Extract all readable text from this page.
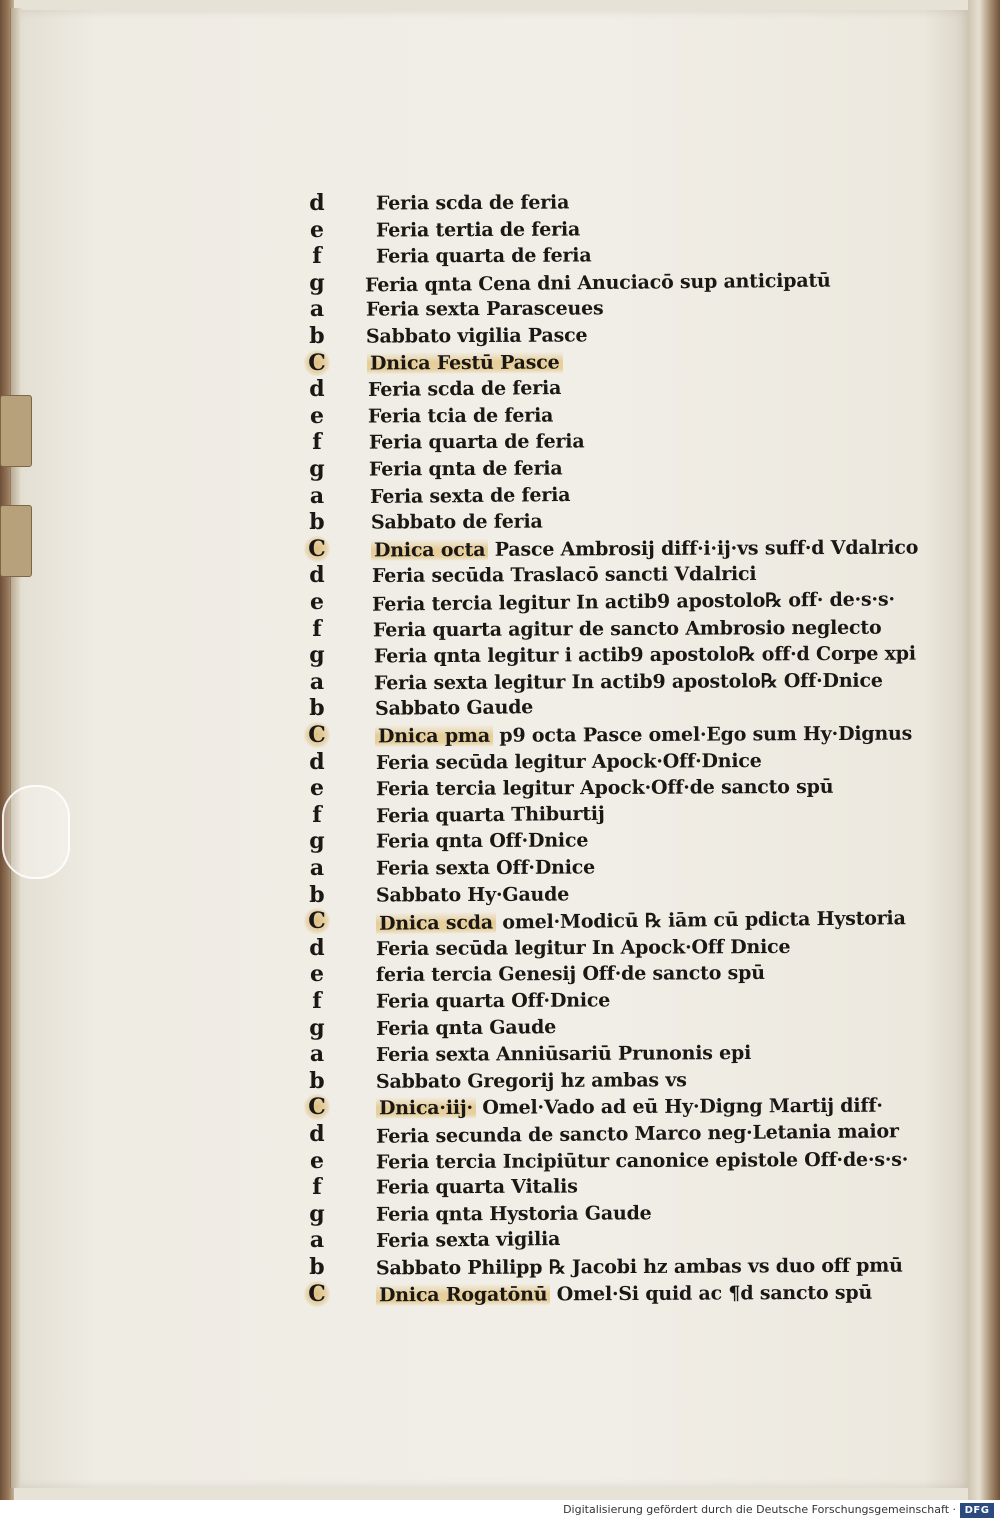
d	Feria scda de feria
e	Feria tertia de feria
f	Feria quarta de feria
g Feria qnta Cena dni Anuciacō sup anticipatū
a	Feria sexta Parasceues
b Sabbato vigilia Pasce
C Dnica Festū Pasce
d Feria scda de feria
e	Feria tcia de feria
f	Feria quarta de feria
g Feria qnta de feria
a	Feria sexta de feria
b Sabbato de feria
C	Dnica octa Pasce Ambrosij diff·i·ij·vs suff·d Vdalrico
d Feria secūda Traslacō sancti Vdalrici
e	Feria tercia legitur In actib9 apostolo℞ off· de·s·s·
f	Feria quarta agitur de sancto Ambrosio neglecto
g	Feria qnta legitur i actib9 apostolo℞ off·d Corpe xpi
a	Feria sexta legitur In actib9 apostolo℞ Off·Dnice
b	Sabbato Gaude
C	Dnica pma p9 octa Pasce omel·Ego sum Hy·Dignus
d	Feria secūda legitur Apock·Off·Dnice
e	Feria tercia legitur Apock·Off·de sancto spū
f	Feria quarta Thiburtij
g	Feria qnta Off·Dnice
a	Feria sexta Off·Dnice
b	Sabbato Hy·Gaude
C	Dnica scda omel·Modicū ℞ iām cū pdicta Hystoria
d	Feria secūda legitur In Apock·Off Dnice
e	feria tercia Genesij Off·de sancto spū
f	Feria quarta Off·Dnice
g	Feria qnta Gaude
a	Feria sexta Anniūsariū Prunonis epi
b	Sabbato Gregorij hz ambas vs
C	Dnica·iij· Omel·Vado ad eū Hy·Digng Martij diff·
d	Feria secunda de sancto Marco neg·Letania maior
e	Feria tercia Incipiūtur canonice epistole Off·de·s·s·
f	Feria quarta Vitalis
g	Feria qnta Hystoria Gaude
a	Feria sexta vigilia
b	Sabbato Philipp ℞ Jacobi hz ambas vs duo off pmū
C	Dnica Rogatōnū Omel·Si quid ac ¶d sancto spū
Digitalisierung gefördert durch die Deutsche Forschungsgemeinschaft · DFG
